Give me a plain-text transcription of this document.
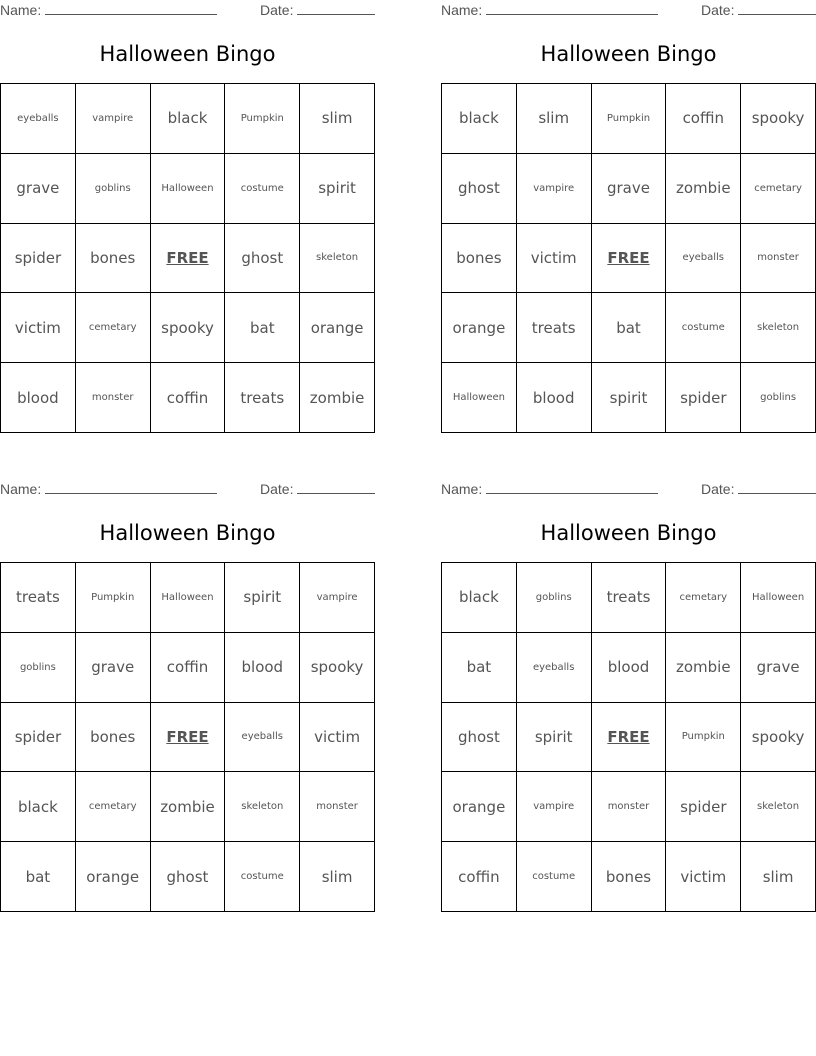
Name:	Date:
Halloween Bingo
eyeballs	vampire	black	Pumpkin	slim
grave	goblins	Halloween	costume	spirit
spider	bones	FREE	ghost	skeleton
victim	cemetary	spooky	bat	orange
blood	monster	coffin	treats	zombie
Name:	Date:
Halloween Bingo
black	slim	Pumpkin	coffin	spooky
ghost	vampire	grave	zombie	cemetary
bones	victim	FREE	eyeballs	monster
orange	treats	bat	costume	skeleton
Halloween	blood	spirit	spider	goblins
Name:	Date:
Halloween Bingo
treats	Pumpkin	Halloween	spirit	vampire
goblins	grave	coffin	blood	spooky
spider	bones	FREE	eyeballs	victim
black	cemetary	zombie	skeleton	monster
bat	orange	ghost	costume	slim
Name:	Date:
Halloween Bingo
black	goblins	treats	cemetary	Halloween
bat	eyeballs	blood	zombie	grave
ghost	spirit	FREE	Pumpkin	spooky
orange	vampire	monster	spider	skeleton
coffin	costume	bones	victim	slim
